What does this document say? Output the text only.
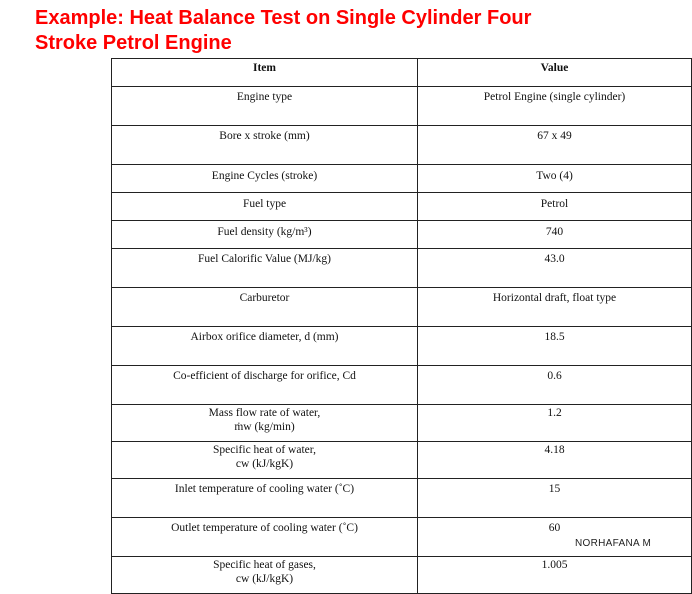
Example: Heat Balance Test on Single Cylinder Four
Stroke Petrol Engine
Item	Value
Engine type	Petrol Engine (single cylinder)
Bore x stroke (mm)	67 x 49
Engine Cycles (stroke)	Two (4)
Fuel type	Petrol
Fuel density (kg/m³)	740
Fuel Calorific Value (MJ/kg)	43.0
Carburetor	Horizontal draft, float type
Airbox orifice diameter, d (mm)	18.5
Co-efficient of discharge for orifice, Cd	0.6

Mass flow rate of water,
ṁw (kg/min)	1.2

Specific heat of water,
cw (kJ/kgK)	4.18
Inlet temperature of cooling water (˚C)	15
Outlet temperature of cooling water (˚C)	60

Specific heat of gases,
cw (kJ/kgK)	1.005
NORHAFANA M
